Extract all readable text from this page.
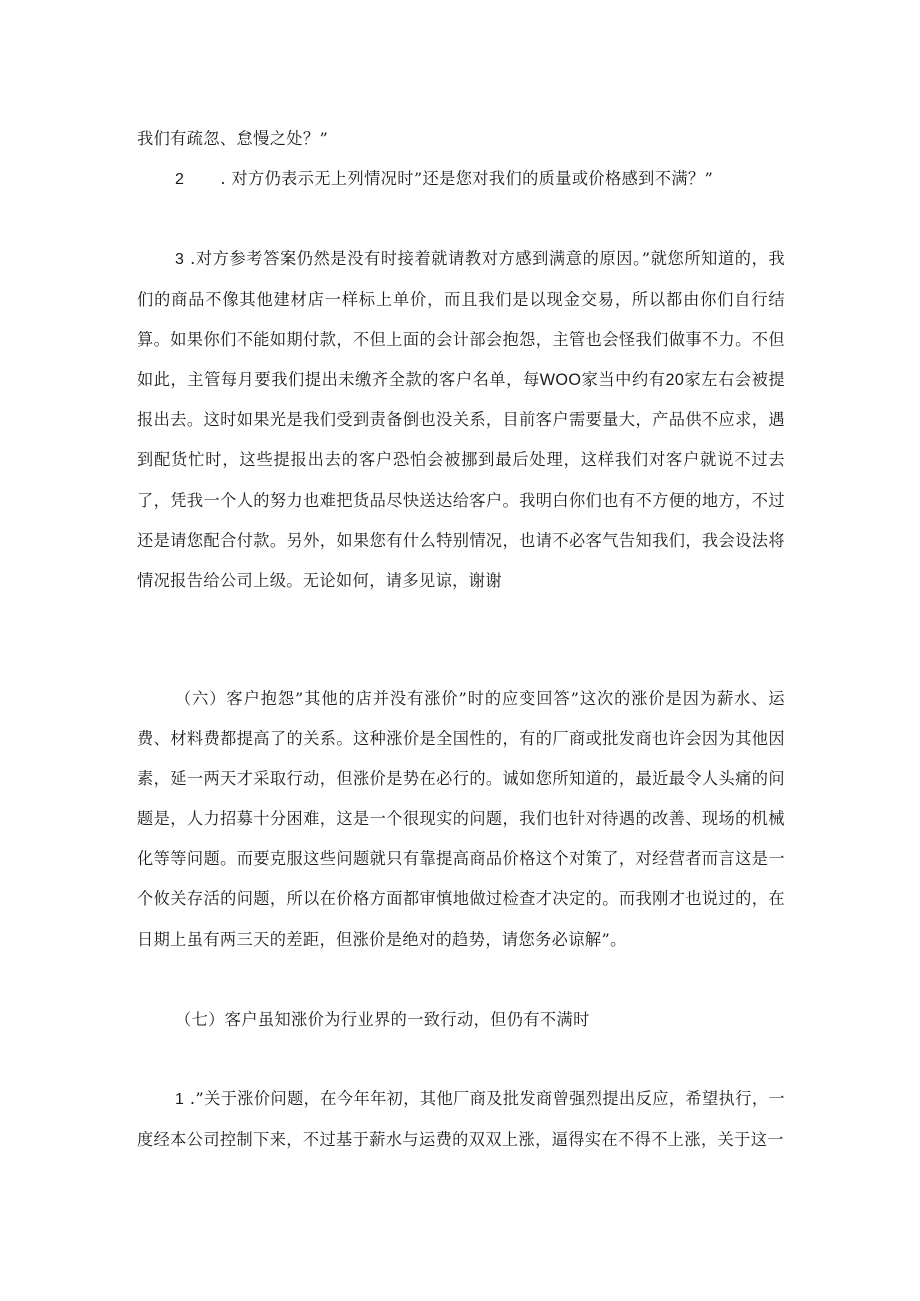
我们有疏忽、怠慢之处？”

2 . 对方仍表示无上列情况时”还是您对我们的质量或价格感到不满？”

3 .对方参考答案仍然是没有时接着就请教对方感到满意的原因。”就您所知道的，我们的商品不像其他建材店一样标上单价，而且我们是以现金交易，所以都由你们自行结算。如果你们不能如期付款，不但上面的会计部会抱怨，主管也会怪我们做事不力。不但如此，主管每月要我们提出未缴齐全款的客户名单，每WOO家当中约有20家左右会被提报出去。这时如果光是我们受到责备倒也没关系，目前客户需要量大，产品供不应求，遇到配货忙时，这些提报出去的客户恐怕会被挪到最后处理，这样我们对客户就说不过去了，凭我一个人的努力也难把货品尽快送达给客户。我明白你们也有不方便的地方，不过还是请您配合付款。另外，如果您有什么特别情况，也请不必客气告知我们，我会设法将情况报告给公司上级。无论如何，请多见谅，谢谢

（六）客户抱怨”其他的店并没有涨价”时的应变回答”这次的涨价是因为薪水、运费、材料费都提高了的关系。这种涨价是全国性的，有的厂商或批发商也许会因为其他因素，延一两天才采取行动，但涨价是势在必行的。诚如您所知道的，最近最令人头痛的问题是，人力招募十分困难，这是一个很现实的问题，我们也针对待遇的改善、现场的机械化等等问题。而要克服这些问题就只有靠提高商品价格这个对策了，对经营者而言这是一个攸关存活的问题，所以在价格方面都审慎地做过检查才决定的。而我刚才也说过的，在日期上虽有两三天的差距，但涨价是绝对的趋势，请您务必谅解”。

（七）客户虽知涨价为行业界的一致行动，但仍有不满时

1 .”关于涨价问题，在今年年初，其他厂商及批发商曾强烈提出反应，希望执行，一度经本公司控制下来，不过基于薪水与运费的双双上涨，逼得实在不得不上涨，关于这一
